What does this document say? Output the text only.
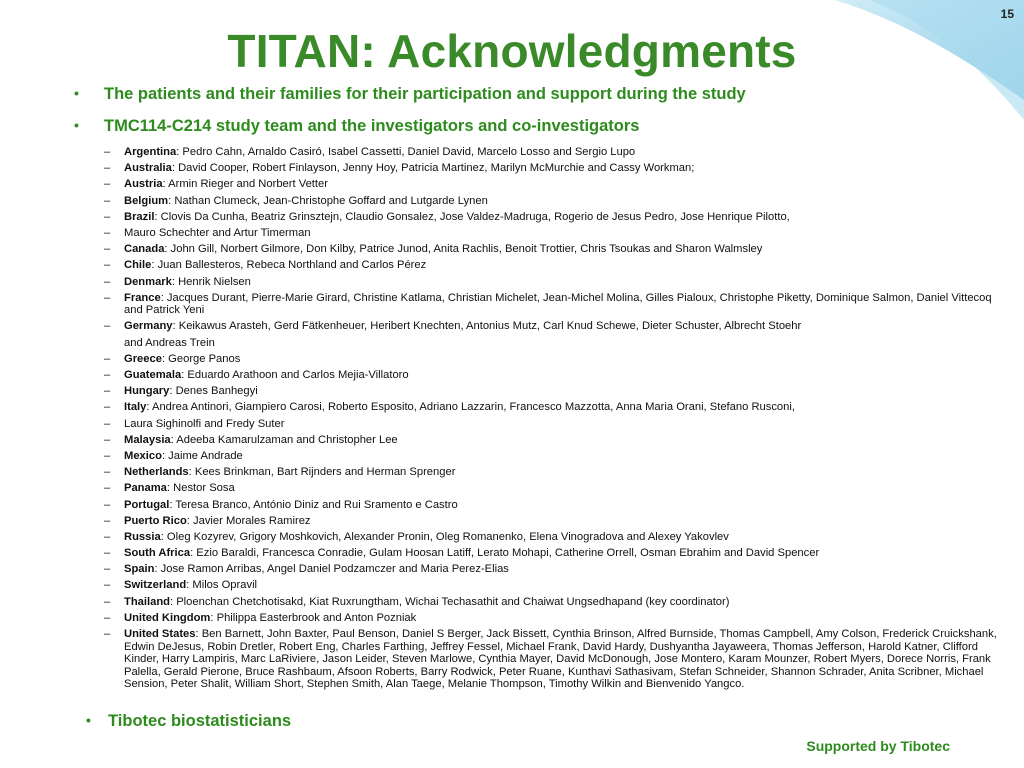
15
TITAN: Acknowledgments
• The patients and their families for their participation and support during the study
• TMC114-C214 study team and the investigators and co-investigators
– Argentina: Pedro Cahn, Arnaldo Casiró, Isabel Cassetti, Daniel David, Marcelo Losso and Sergio Lupo
– Australia: David Cooper, Robert Finlayson, Jenny Hoy, Patricia Martinez, Marilyn McMurchie and Cassy Workman;
– Austria: Armin Rieger and Norbert Vetter
– Belgium: Nathan Clumeck, Jean-Christophe Goffard and Lutgarde Lynen
– Brazil: Clovis Da Cunha, Beatriz Grinsztejn, Claudio Gonsalez, Jose Valdez-Madruga, Rogerio de Jesus Pedro, Jose Henrique Pilotto,
– Mauro Schechter and Artur Timerman
– Canada: John Gill, Norbert Gilmore, Don Kilby, Patrice Junod, Anita Rachlis, Benoit Trottier, Chris Tsoukas and Sharon Walmsley
– Chile: Juan Ballesteros, Rebeca Northland and Carlos Pérez
– Denmark: Henrik Nielsen
– France: Jacques Durant, Pierre-Marie Girard, Christine Katlama, Christian Michelet, Jean-Michel Molina, Gilles Pialoux, Christophe Piketty, Dominique Salmon, Daniel Vittecoq and Patrick Yeni
– Germany: Keikawus Arasteh, Gerd Fätkenheuer, Heribert Knechten, Antonius Mutz, Carl Knud Schewe, Dieter Schuster, Albrecht Stoehr
and Andreas Trein
– Greece: George Panos
– Guatemala: Eduardo Arathoon and Carlos Mejia-Villatoro
– Hungary: Denes Banhegyi
– Italy: Andrea Antinori, Giampiero Carosi, Roberto Esposito, Adriano Lazzarin, Francesco Mazzotta, Anna Maria Orani, Stefano Rusconi,
– Laura Sighinolfi and Fredy Suter
– Malaysia: Adeeba Kamarulzaman and Christopher Lee
– Mexico: Jaime Andrade
– Netherlands: Kees Brinkman, Bart Rijnders and Herman Sprenger
– Panama: Nestor Sosa
– Portugal: Teresa Branco, António Diniz and Rui Sramento e Castro
– Puerto Rico: Javier Morales Ramirez
– Russia: Oleg Kozyrev, Grigory Moshkovich, Alexander Pronin, Oleg Romanenko, Elena Vinogradova and Alexey Yakovlev
– South Africa: Ezio Baraldi, Francesca Conradie, Gulam Hoosan Latiff, Lerato Mohapi, Catherine Orrell, Osman Ebrahim and David Spencer
– Spain: Jose Ramon Arribas, Angel Daniel Podzamczer and Maria Perez-Elias
– Switzerland: Milos Opravil
– Thailand: Ploenchan Chetchotisakd, Kiat Ruxrungtham, Wichai Techasathit and Chaiwat Ungsedhapand (key coordinator)
– United Kingdom: Philippa Easterbrook and Anton Pozniak
– United States: Ben Barnett, John Baxter, Paul Benson, Daniel S Berger, Jack Bissett, Cynthia Brinson, Alfred Burnside, Thomas Campbell, Amy Colson, Frederick Cruickshank, Edwin DeJesus, Robin Dretler, Robert Eng, Charles Farthing, Jeffrey Fessel, Michael Frank, David Hardy, Dushyantha Jayaweera, Thomas Jefferson, Harold Katner, Clifford Kinder, Harry Lampiris, Marc LaRiviere, Jason Leider, Steven Marlowe, Cynthia Mayer, David McDonough, Jose Montero, Karam Mounzer, Robert Myers, Dorece Norris, Frank Palella, Gerald Pierone, Bruce Rashbaum, Afsoon Roberts, Barry Rodwick, Peter Ruane, Kunthavi Sathasivam, Stefan Schneider, Shannon Schrader, Anita Scribner, Michael Sension, Peter Shalit, William Short, Stephen Smith, Alan Taege, Melanie Thompson, Timothy Wilkin and Bienvenido Yangco.
• Tibotec biostatisticians
Supported by Tibotec
